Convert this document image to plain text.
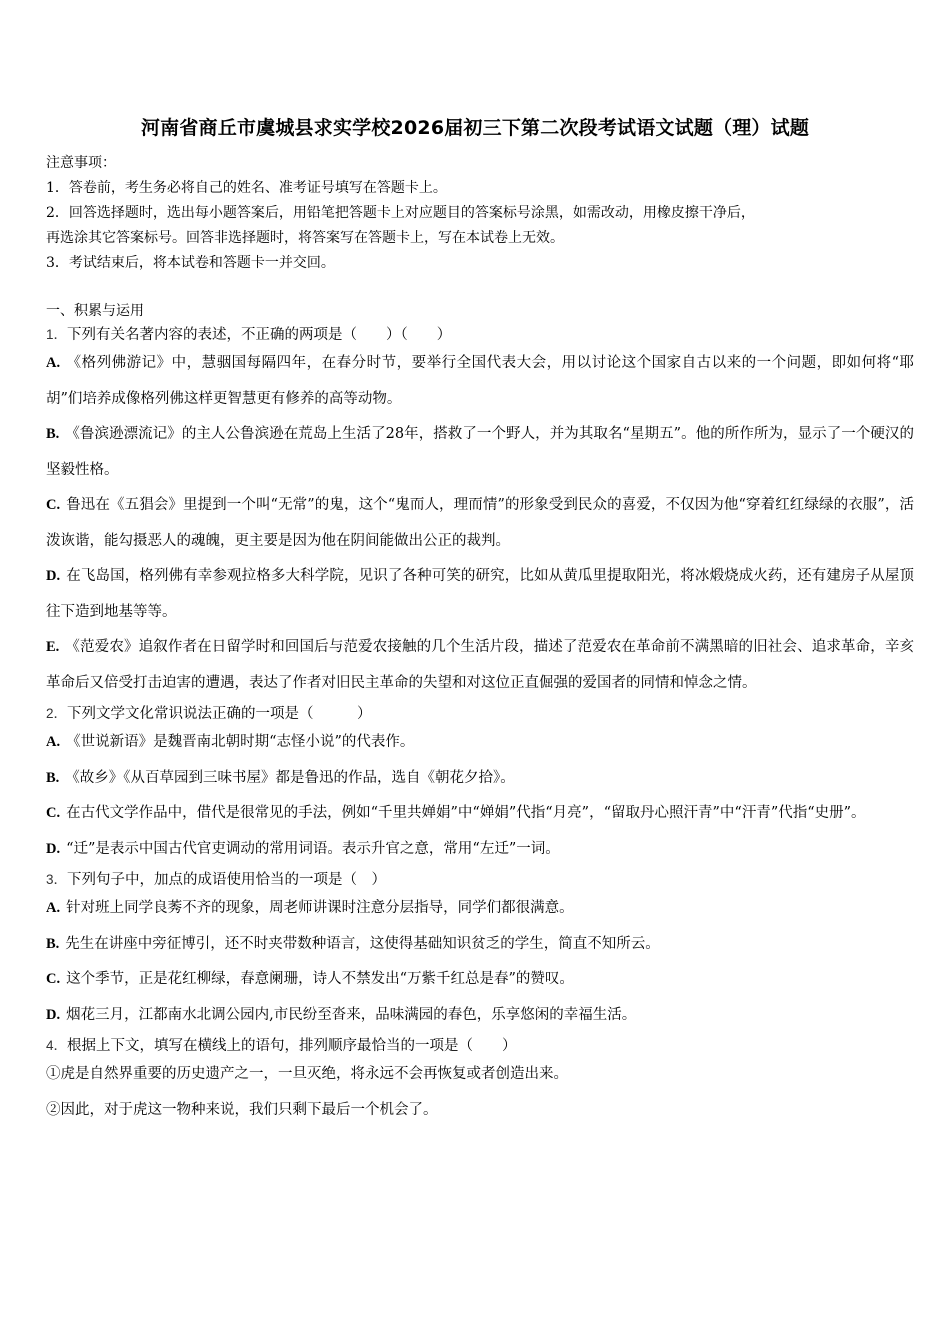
河南省商丘市虞城县求实学校2026届初三下第二次段考试语文试题（理）试题
注意事项：
1．答卷前，考生务必将自己的姓名、准考证号填写在答题卡上。
2．回答选择题时，选出每小题答案后，用铅笔把答题卡上对应题目的答案标号涂黑，如需改动，用橡皮擦干净后，
再选涂其它答案标号。回答非选择题时，将答案写在答题卡上，写在本试卷上无效。
3．考试结束后，将本试卷和答题卡一并交回。
一、积累与运用
1．下列有关名著内容的表述，不正确的两项是（　　）（　　）
A. 《格列佛游记》中，慧骃国每隔四年，在春分时节，要举行全国代表大会，用以讨论这个国家自古以来的一个问题，即如何将“耶胡”们培养成像格列佛这样更智慧更有修养的高等动物。
B. 《鲁滨逊漂流记》的主人公鲁滨逊在荒岛上生活了28年，搭救了一个野人，并为其取名“星期五”。他的所作所为，显示了一个硬汉的坚毅性格。
C. 鲁迅在《五猖会》里提到一个叫“无常”的鬼，这个“鬼而人，理而情”的形象受到民众的喜爱，不仅因为他“穿着红红绿绿的衣服”，活泼诙谐，能勾摄恶人的魂魄，更主要是因为他在阴间能做出公正的裁判。
D. 在飞岛国，格列佛有幸参观拉格多大科学院，见识了各种可笑的研究，比如从黄瓜里提取阳光，将冰煅烧成火药，还有建房子从屋顶往下造到地基等等。
E. 《范爱农》追叙作者在日留学时和回国后与范爱农接触的几个生活片段，描述了范爱农在革命前不满黑暗的旧社会、追求革命，辛亥革命后又倍受打击迫害的遭遇，表达了作者对旧民主革命的失望和对这位正直倔强的爱国者的同情和悼念之情。
2．下列文学文化常识说法正确的一项是（　　　）
A. 《世说新语》是魏晋南北朝时期“志怪小说”的代表作。
B. 《故乡》《从百草园到三味书屋》都是鲁迅的作品，选自《朝花夕拾》。
C. 在古代文学作品中，借代是很常见的手法，例如“千里共婵娟”中“婵娟”代指“月亮”，“留取丹心照汗青”中“汗青”代指“史册”。
D. “迁”是表示中国古代官吏调动的常用词语。表示升官之意，常用“左迁”一词。
3．下列句子中，加点的成语使用恰当的一项是（　）
A. 针对班上同学良莠不齐的现象，周老师讲课时注意分层指导，同学们都很满意。
B. 先生在讲座中旁征博引，还不时夹带数种语言，这使得基础知识贫乏的学生，简直不知所云。
C. 这个季节，正是花红柳绿，春意阑珊，诗人不禁发出“万紫千红总是春”的赞叹。
D. 烟花三月，江都南水北调公园内,市民纷至沓来，品味满园的春色，乐享悠闲的幸福生活。
4．根据上下文，填写在横线上的语句，排列顺序最恰当的一项是（　　）
①虎是自然界重要的历史遗产之一，一旦灭绝，将永远不会再恢复或者创造出来。
②因此，对于虎这一物种来说，我们只剩下最后一个机会了。
